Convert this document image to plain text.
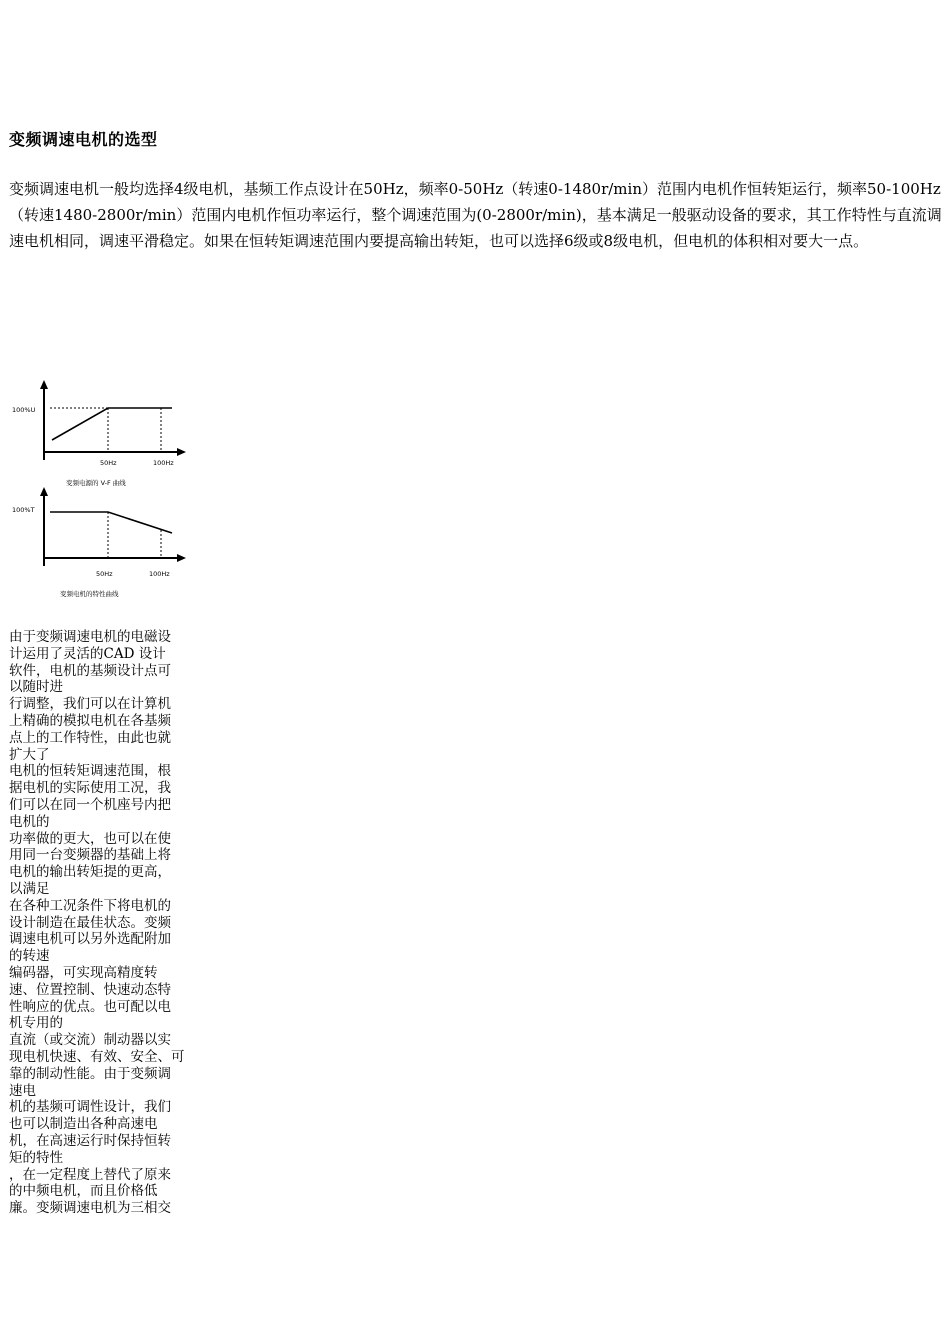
变频调速电机的选型

变频调速电机一般均选择4级电机，基频工作点设计在50Hz，频率0-50Hz（转速0-1480r/min）范围内电机作恒转矩运行，频率50-100Hz（转速1480-2800r/min）范围内电机作恒功率运行，整个调速范围为(0-2800r/min)，基本满足一般驱动设备的要求，其工作特性与直流调速电机相同，调速平滑稳定。如果在恒转矩调速范围内要提高输出转矩，也可以选择6级或8级电机，但电机的体积相对要大一点。

100%U
50Hz	100Hz
变频电源的 V-F 曲线
100%T
50Hz	100Hz
变频电机的特性曲线
由于变频调速电机的电磁设
计运用了灵活的CAD 设计
软件，电机的基频设计点可
以随时进
行调整，我们可以在计算机
上精确的模拟电机在各基频
点上的工作特性，由此也就
扩大了
电机的恒转矩调速范围，根
据电机的实际使用工况，我
们可以在同一个机座号内把
电机的
功率做的更大，也可以在使
用同一台变频器的基础上将
电机的输出转矩提的更高，
以满足
在各种工况条件下将电机的
设计制造在最佳状态。变频
调速电机可以另外选配附加
的转速
编码器，可实现高精度转
速、位置控制、快速动态特
性响应的优点。也可配以电
机专用的
直流（或交流）制动器以实
现电机快速、有效、安全、可
靠的制动性能。由于变频调
速电
机的基频可调性设计，我们
也可以制造出各种高速电
机，在高速运行时保持恒转
矩的特性
，在一定程度上替代了原来
的中频电机，而且价格低
廉。变频调速电机为三相交
